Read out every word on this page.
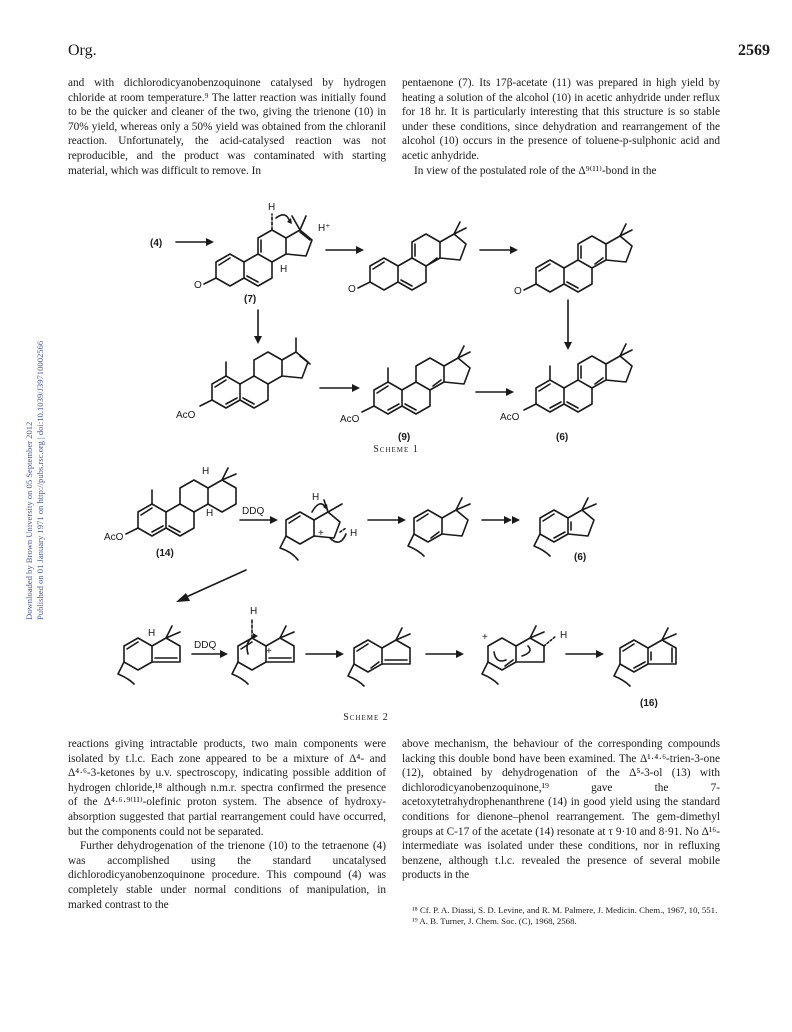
Downloaded by Brown University on 05 September 2012 Published on 01 January 1971 on http://pubs.rsc.org | doi:10.1039/J39710002566
Org.	2569

and with dichlorodicyanobenzoquinone catalysed by hydrogen chloride at room temperature.⁹ The latter reaction was initially found to be the quicker and cleaner of the two, giving the trienone (10) in 70% yield, whereas only a 50% yield was obtained from the chloranil reaction. Unfortunately, the acid-catalysed reaction was not reproducible, and the product was contaminated with starting material, which was difficult to remove. In

pentaenone (7). Its 17β-acetate (11) was prepared in high yield by heating a solution of the alcohol (10) in acetic anhydride under reflux for 18 hr. It is particularly interesting that this structure is so stable under these conditions, since dehydration and rearrangement of the alcohol (10) occurs in the presence of toluene-p-sulphonic acid and acetic anhydride.

In view of the postulated role of the Δ⁹⁽¹¹⁾-bond in the

(4)
H
H⁺
H
O
(7)
O	O
AcO	AcO
(9)
AcO
(6)
H
H
AcO
(14)
DDQ
H
+	H
(6)
H
DDQ
H
+
+	H
(16)
Scheme 1
Scheme 2

reactions giving intractable products, two main components were isolated by t.l.c. Each zone appeared to be a mixture of Δ⁴- and Δ⁴·⁶-3-ketones by u.v. spectroscopy, indicating possible addition of hydrogen chloride,¹⁸ although n.m.r. spectra confirmed the presence of the Δ⁴·⁶·⁹⁽¹¹⁾-olefinic proton system. The absence of hydroxy-absorption suggested that partial rearrangement could have occurred, but the components could not be separated.

Further dehydrogenation of the trienone (10) to the tetraenone (4) was accomplished using the standard uncatalysed dichlorodicyanobenzoquinone procedure. This compound (4) was completely stable under normal conditions of manipulation, in marked contrast to the

above mechanism, the behaviour of the corresponding compounds lacking this double bond have been examined. The Δ¹·⁴·⁶-trien-3-one (12), obtained by dehydrogenation of the Δ⁵-3-ol (13) with dichlorodicyanobenzoquinone,¹⁹ gave the 7-acetoxytetrahydrophenanthrene (14) in good yield using the standard conditions for dienone–phenol rearrangement. The gem-dimethyl groups at C-17 of the acetate (14) resonate at τ 9·10 and 8·91. No Δ¹⁶-intermediate was isolated under these conditions, nor in refluxing benzene, although t.l.c. revealed the presence of several mobile products in the

¹⁸ Cf. P. A. Diassi, S. D. Levine, and R. M. Palmere, J. Medicin. Chem., 1967, 10, 551.

¹⁹ A. B. Turner, J. Chem. Soc. (C), 1968, 2568.
